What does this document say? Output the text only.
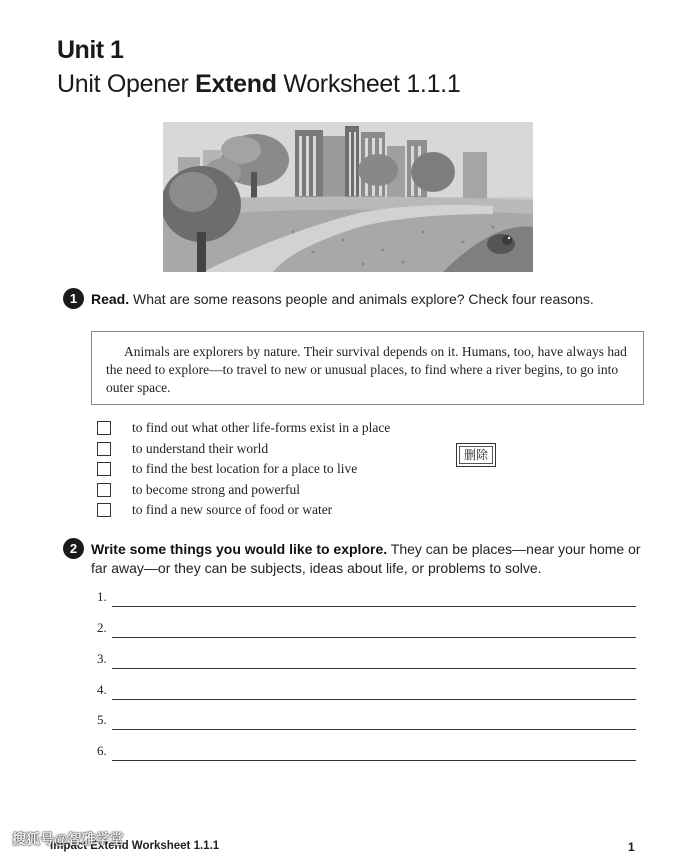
Unit 1
Unit Opener Extend Worksheet 1.1.1
1 Read. What are some reasons people and animals explore? Check four reasons.
Animals are explorers by nature. Their survival depends on it. Humans, too, have always had the need to explore—to travel to new or unusual places, to find where a river begins, to go into outer space.
to find out what other life-forms exist in a place
to understand their world
to find the best location for a place to live
to become strong and powerful
to find a new source of food or water
删除
2 Write some things you would like to explore. They can be places—near your home or far away—or they can be subjects, ideas about life, or problems to solve.
1.
2.
3.
4.
5.
6.
Impact Extend Worksheet 1.1.1	1
搜狐号@智雅学堂
